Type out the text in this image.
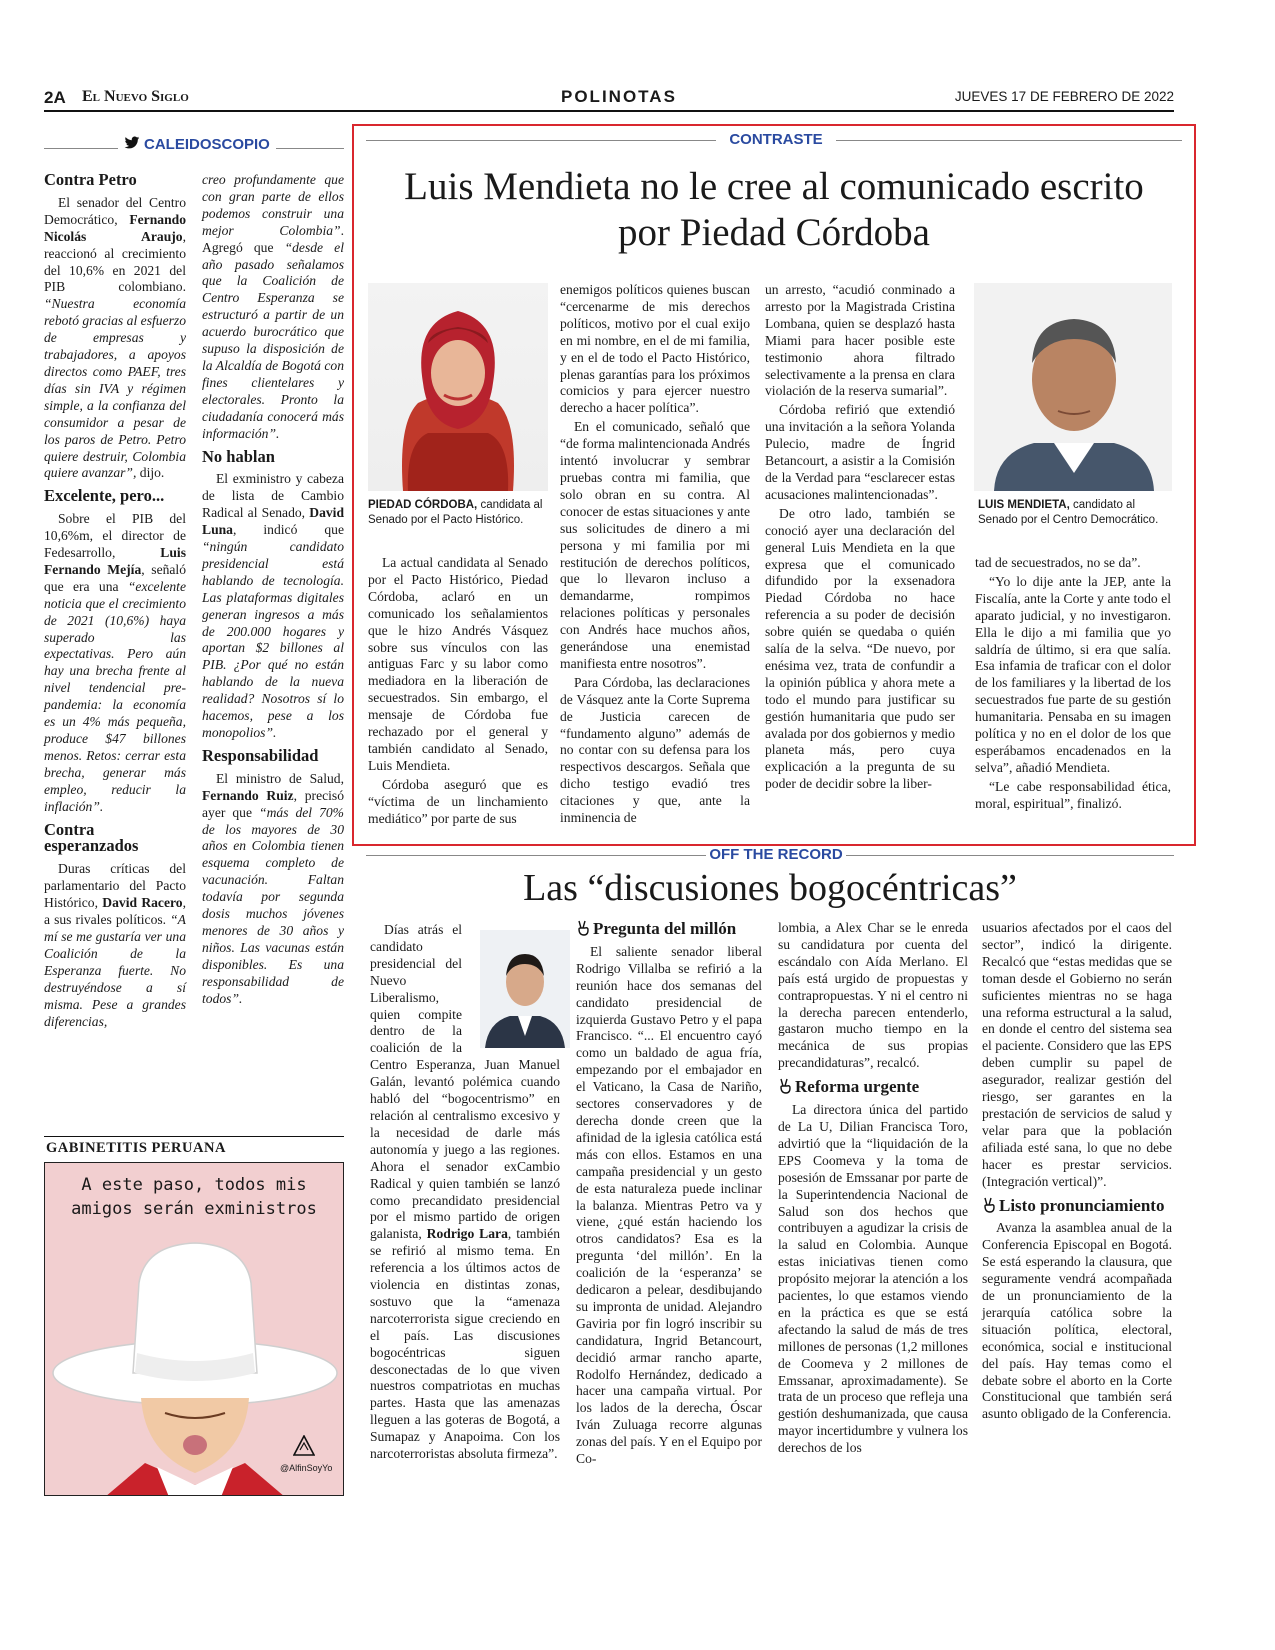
2A El Nuevo Siglo	POLINOTAS	JUEVES 17 DE FEBRERO DE 2022
CALEIDOSCOPIO
Contra Petro

El senador del Centro Democrático, Fernando Nicolás Araujo, reaccionó al crecimiento del 10,6% en 2021 del PIB colombiano. “Nuestra economía rebotó gracias al esfuerzo de empresas y trabajadores, a apoyos directos como PAEF, tres días sin IVA y régimen simple, a la confianza del consumidor a pesar de los paros de Petro. Petro quiere destruir, Colombia quiere avanzar”, dijo.

Excelente, pero...

Sobre el PIB del 10,6%m, el director de Fedesarrollo, Luis Fernando Mejía, señaló que era una “excelente noticia que el crecimiento de 2021 (10,6%) haya superado las expectativas. Pero aún hay una brecha frente al nivel tendencial pre-pandemia: la economía es un 4% más pequeña, produce $47 billones menos. Retos: cerrar esta brecha, generar más empleo, reducir la inflación”.

Contra esperanzados

Duras críticas del parlamentario del Pacto Histórico, David Racero, a sus rivales políticos. “A mí se me gustaría ver una Coalición de la Esperanza fuerte. No destruyéndose a sí misma. Pese a grandes diferencias,

creo profundamente que con gran parte de ellos podemos construir una mejor Colombia”. Agregó que “desde el año pasado señalamos que la Coalición de Centro Esperanza se estructuró a partir de un acuerdo burocrático que supuso la disposición de la Alcaldía de Bogotá con fines clientelares y electorales. Pronto la ciudadanía conocerá más información”.

No hablan

El exministro y cabeza de lista de Cambio Radical al Senado, David Luna, indicó que “ningún candidato presidencial está hablando de tecnología. Las plataformas digitales generan ingresos a más de 200.000 hogares y aportan $2 billones al PIB. ¿Por qué no están hablando de la nueva realidad? Nosotros sí lo hacemos, pese a los monopolios”.

Responsabilidad

El ministro de Salud, Fernando Ruiz, precisó ayer que “más del 70% de los mayores de 30 años en Colombia tienen esquema completo de vacunación. Faltan todavía por segunda dosis muchos jóvenes menores de 30 años y niños. Las vacunas están disponibles. Es una responsabilidad de todos”.

GABINETITIS PERUANA
A este paso, todos mis amigos serán exministros
@AlfinSoyYo
CONTRASTE
Luis Mendieta no le cree al comunicado escrito por Piedad Córdoba
PIEDAD CÓRDOBA, candidata al Senado por el Pacto Histórico.
LUIS MENDIETA, candidato al Senado por el Centro Democrático.

La actual candidata al Senado por el Pacto Histórico, Piedad Córdoba, aclaró en un comunicado los señalamientos que le hizo Andrés Vásquez sobre sus vínculos con las antiguas Farc y su labor como mediadora en la liberación de secuestrados. Sin embargo, el mensaje de Córdoba fue rechazado por el general y también candidato al Senado, Luis Mendieta.

Córdoba aseguró que es “víctima de un linchamiento mediático” por parte de sus

enemigos políticos quienes buscan “cercenarme de mis derechos políticos, motivo por el cual exijo en mi nombre, en el de mi familia, y en el de todo el Pacto Histórico, plenas garantías para los próximos comicios y para ejercer nuestro derecho a hacer política”.

En el comunicado, señaló que “de forma malintencionada Andrés intentó involucrar y sembrar pruebas contra mi familia, que solo obran en su contra. Al conocer de estas situaciones y ante sus solicitudes de dinero a mi persona y mi familia por mi restitución de derechos políticos, que lo llevaron incluso a demandarme, rompimos relaciones políticas y personales con Andrés hace muchos años, generándose una enemistad manifiesta entre nosotros”.

Para Córdoba, las declaraciones de Vásquez ante la Corte Suprema de Justicia carecen de “fundamento alguno” además de no contar con su defensa para los respectivos descargos. Señala que dicho testigo evadió tres citaciones y que, ante la inminencia de

un arresto, “acudió conminado a arresto por la Magistrada Cristina Lombana, quien se desplazó hasta Miami para hacer posible este testimonio ahora filtrado selectivamente a la prensa en clara violación de la reserva sumarial”.

Córdoba refirió que extendió una invitación a la señora Yolanda Pulecio, madre de Íngrid Betancourt, a asistir a la Comisión de la Verdad para “esclarecer estas acusaciones malintencionadas”.

De otro lado, también se conoció ayer una declaración del general Luis Mendieta en la que expresa que el comunicado difundido por la exsenadora Piedad Córdoba no hace referencia a su poder de decisión sobre quién se quedaba o quién salía de la selva. “De nuevo, por enésima vez, trata de confundir a la opinión pública y ahora mete a todo el mundo para justificar su gestión humanitaria que pudo ser avalada por dos gobiernos y medio planeta más, pero cuya explicación a la pregunta de su poder de decidir sobre la liber-

tad de secuestrados, no se da”.

“Yo lo dije ante la JEP, ante la Fiscalía, ante la Corte y ante todo el aparato judicial, y no investigaron. Ella le dijo a mi familia que yo saldría de último, si era que salía. Esa infamia de traficar con el dolor de los familiares y la libertad de los secuestrados fue parte de su gestión humanitaria. Pensaba en su imagen política y no en el dolor de los que esperábamos encadenados en la selva”, añadió Mendieta.

“Le cabe responsabilidad ética, moral, espiritual”, finalizó.

OFF THE RECORD
Las “discusiones bogocéntricas”

Días atrás el candidato presidencial del Nuevo Liberalismo, quien compite dentro de la coalición de la Centro Esperanza, Juan Manuel Galán, levantó polémica cuando habló del “bogocentrismo” en relación al centralismo excesivo y la necesidad de darle más autonomía y juego a las regiones. Ahora el senador exCambio Radical y quien también se lanzó como precandidato presidencial por el mismo partido de origen galanista, Rodrigo Lara, también se refirió al mismo tema. En referencia a los últimos actos de violencia en distintas zonas, sostuvo que la “amenaza narcoterrorista sigue creciendo en el país. Las discusiones bogocéntricas siguen desconectadas de lo que viven nuestros compatriotas en muchas partes. Hasta que las amenazas lleguen a las goteras de Bogotá, a Sumapaz y Anapoima. Con los narcoterroristas absoluta firmeza”.

Pregunta del millón

El saliente senador liberal Rodrigo Villalba se refirió a la reunión hace dos semanas del candidato presidencial de izquierda Gustavo Petro y el papa Francisco. “... El encuentro cayó como un baldado de agua fría, empezando por el embajador en el Vaticano, la Casa de Nariño, sectores conservadores y de derecha donde creen que la afinidad de la iglesia católica está más con ellos. Estamos en una campaña presidencial y un gesto de esta naturaleza puede inclinar la balanza. Mientras Petro va y viene, ¿qué están haciendo los otros candidatos? Esa es la pregunta ‘del millón’. En la coalición de la ‘esperanza’ se dedicaron a pelear, desdibujando su impronta de unidad. Alejandro Gaviria por fin logró inscribir su candidatura, Ingrid Betancourt, decidió armar rancho aparte, Rodolfo Hernández, dedicado a hacer una campaña virtual. Por los lados de la derecha, Óscar Iván Zuluaga recorre algunas zonas del país. Y en el Equipo por Co-

lombia, a Alex Char se le enreda su candidatura por cuenta del escándalo con Aída Merlano. El país está urgido de propuestas y contrapropuestas. Y ni el centro ni la derecha parecen entenderlo, gastaron mucho tiempo en la mecánica de sus propias precandidaturas”, recalcó.

Reforma urgente

La directora única del partido de La U, Dilian Francisca Toro, advirtió que la “liquidación de la EPS Coomeva y la toma de posesión de Emssanar por parte de la Superintendencia Nacional de Salud son dos hechos que contribuyen a agudizar la crisis de la salud en Colombia. Aunque estas iniciativas tienen como propósito mejorar la atención a los pacientes, lo que estamos viendo en la práctica es que se está afectando la salud de más de tres millones de personas (1,2 millones de Coomeva y 2 millones de Emssanar, aproximadamente). Se trata de un proceso que refleja una gestión deshumanizada, que causa mayor incertidumbre y vulnera los derechos de los

usuarios afectados por el caos del sector”, indicó la dirigente. Recalcó que “estas medidas que se toman desde el Gobierno no serán suficientes mientras no se haga una reforma estructural a la salud, en donde el centro del sistema sea el paciente. Considero que las EPS deben cumplir su papel de asegurador, realizar gestión del riesgo, ser garantes en la prestación de servicios de salud y velar para que la población afiliada esté sana, lo que no debe hacer es prestar servicios. (Integración vertical)”.

Listo pronunciamiento

Avanza la asamblea anual de la Conferencia Episcopal en Bogotá. Se está esperando la clausura, que seguramente vendrá acompañada de un pronunciamiento de la jerarquía católica sobre la situación política, electoral, económica, social e institucional del país. Hay temas como el debate sobre el aborto en la Corte Constitucional que también será asunto obligado de la Conferencia.
